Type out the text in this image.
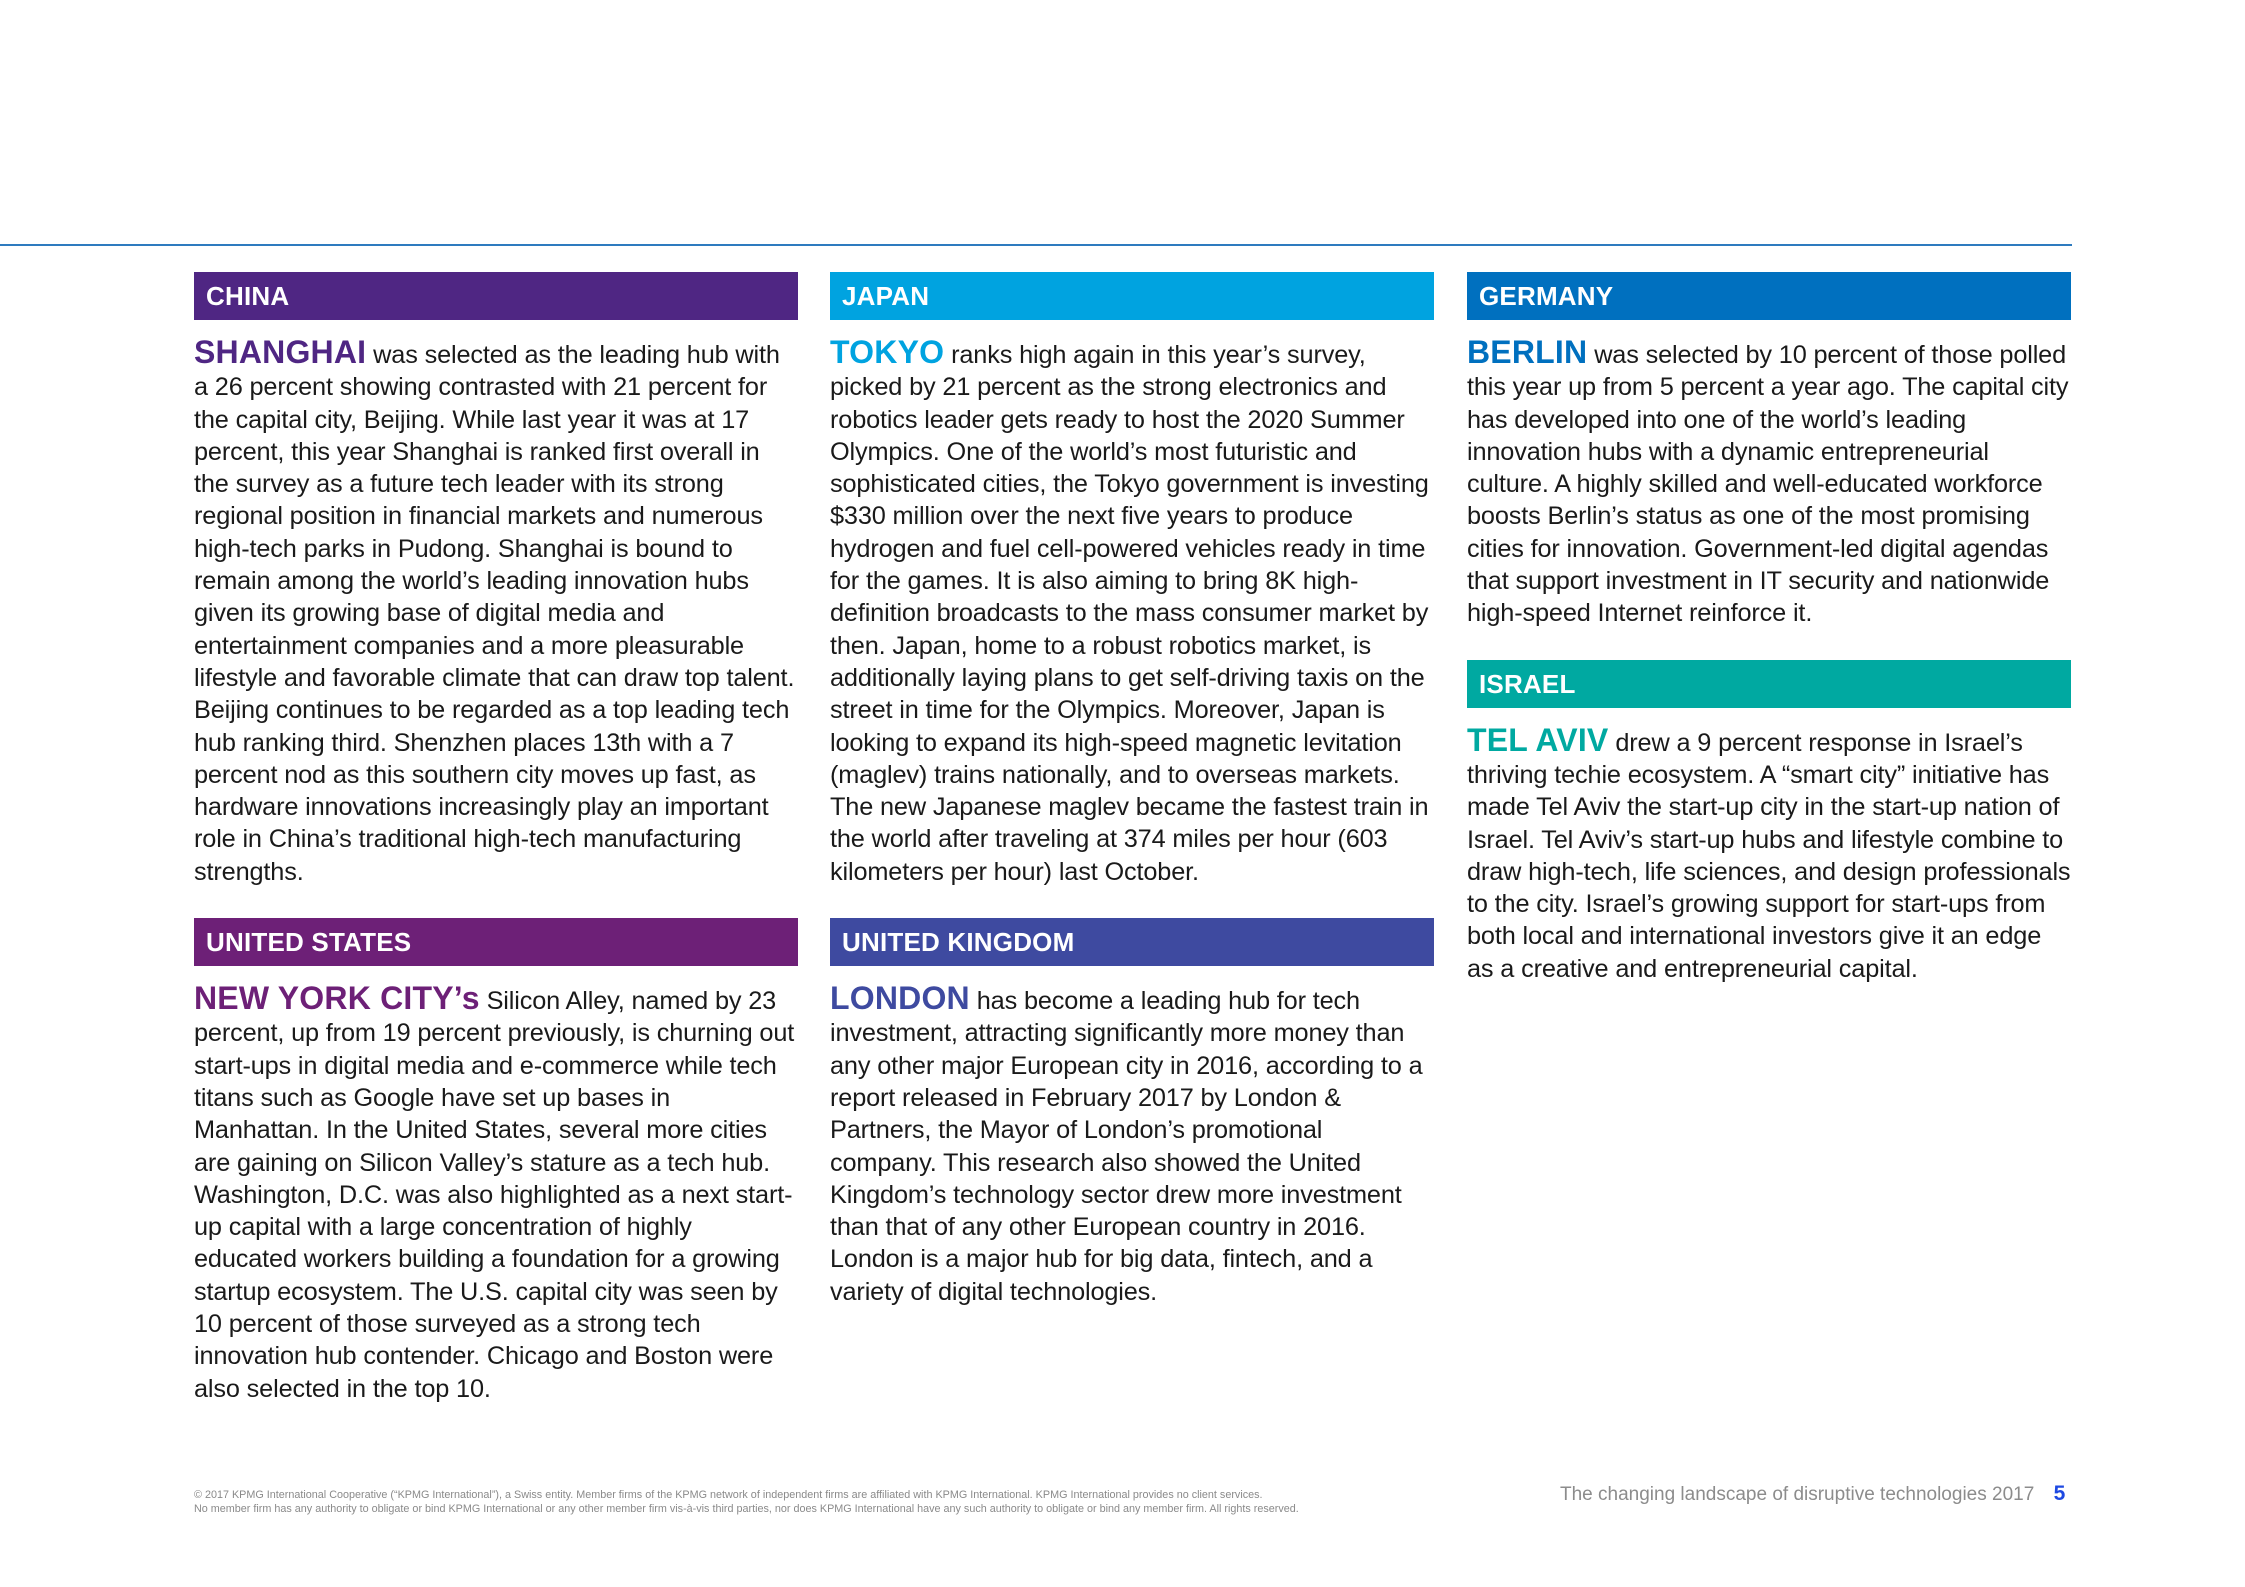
CHINA

SHANGHAI was selected as the leading hub with a 26 percent showing contrasted with 21 percent for the capital city, Beijing. While last year it was at 17 percent, this year Shanghai is ranked first overall in the survey as a future tech leader with its strong regional position in financial markets and numerous high-tech parks in Pudong. Shanghai is bound to remain among the world’s leading innovation hubs given its growing base of digital media and entertainment companies and a more pleasurable lifestyle and favorable climate that can draw top talent. Beijing continues to be regarded as a top leading tech hub ranking third. Shenzhen places 13th with a 7 percent nod as this southern city moves up fast, as hardware innovations increasingly play an important role in China’s traditional high-tech manufacturing strengths.

UNITED STATES

NEW YORK CITY’s Silicon Alley, named by 23 percent, up from 19 percent previously, is churning out start-ups in digital media and e-commerce while tech titans such as Google have set up bases in Manhattan. In the United States, several more cities are gaining on Silicon Valley’s stature as a tech hub. Washington, D.C. was also highlighted as a next start-up capital with a large concentration of highly educated workers building a foundation for a growing startup ecosystem. The U.S. capital city was seen by 10 percent of those surveyed as a strong tech innovation hub contender. Chicago and Boston were also selected in the top 10.

JAPAN

TOKYO ranks high again in this year’s survey, picked by 21 percent as the strong electronics and robotics leader gets ready to host the 2020 Summer Olympics. One of the world’s most futuristic and sophisticated cities, the Tokyo government is investing $330 million over the next five years to produce hydrogen and fuel cell-powered vehicles ready in time for the games. It is also aiming to bring 8K high-definition broadcasts to the mass consumer market by then. Japan, home to a robust robotics market, is additionally laying plans to get self-driving taxis on the street in time for the Olympics. Moreover, Japan is looking to expand its high-speed magnetic levitation (maglev) trains nationally, and to overseas markets. The new Japanese maglev became the fastest train in the world after traveling at 374 miles per hour (603 kilometers per hour) last October.

UNITED KINGDOM

LONDON has become a leading hub for tech investment, attracting significantly more money than any other major European city in 2016, according to a report released in February 2017 by London & Partners, the Mayor of London’s promotional company. This research also showed the United Kingdom’s technology sector drew more investment than that of any other European country in 2016. London is a major hub for big data, fintech, and a variety of digital technologies.

GERMANY

BERLIN was selected by 10 percent of those polled this year up from 5 percent a year ago. The capital city has developed into one of the world’s leading innovation hubs with a dynamic entrepreneurial culture. A highly skilled and well-educated workforce boosts Berlin’s status as one of the most promising cities for innovation. Government-led digital agendas that support investment in IT security and nationwide high-speed Internet reinforce it.

ISRAEL

TEL AVIV drew a 9 percent response in Israel’s thriving techie ecosystem. A “smart city” initiative has made Tel Aviv the start-up city in the start-up nation of Israel. Tel Aviv’s start-up hubs and lifestyle combine to draw high-tech, life sciences, and design professionals to the city. Israel’s growing support for start-ups from both local and international investors give it an edge as a creative and entrepreneurial capital.

© 2017 KPMG International Cooperative (“KPMG International”), a Swiss entity. Member firms of the KPMG network of independent firms are affiliated with KPMG International. KPMG International provides no client services.
No member firm has any authority to obligate or bind KPMG International or any other member firm vis-à-vis third parties, nor does KPMG International have any such authority to obligate or bind any member firm. All rights reserved.
The changing landscape of disruptive technologies 2017 5
